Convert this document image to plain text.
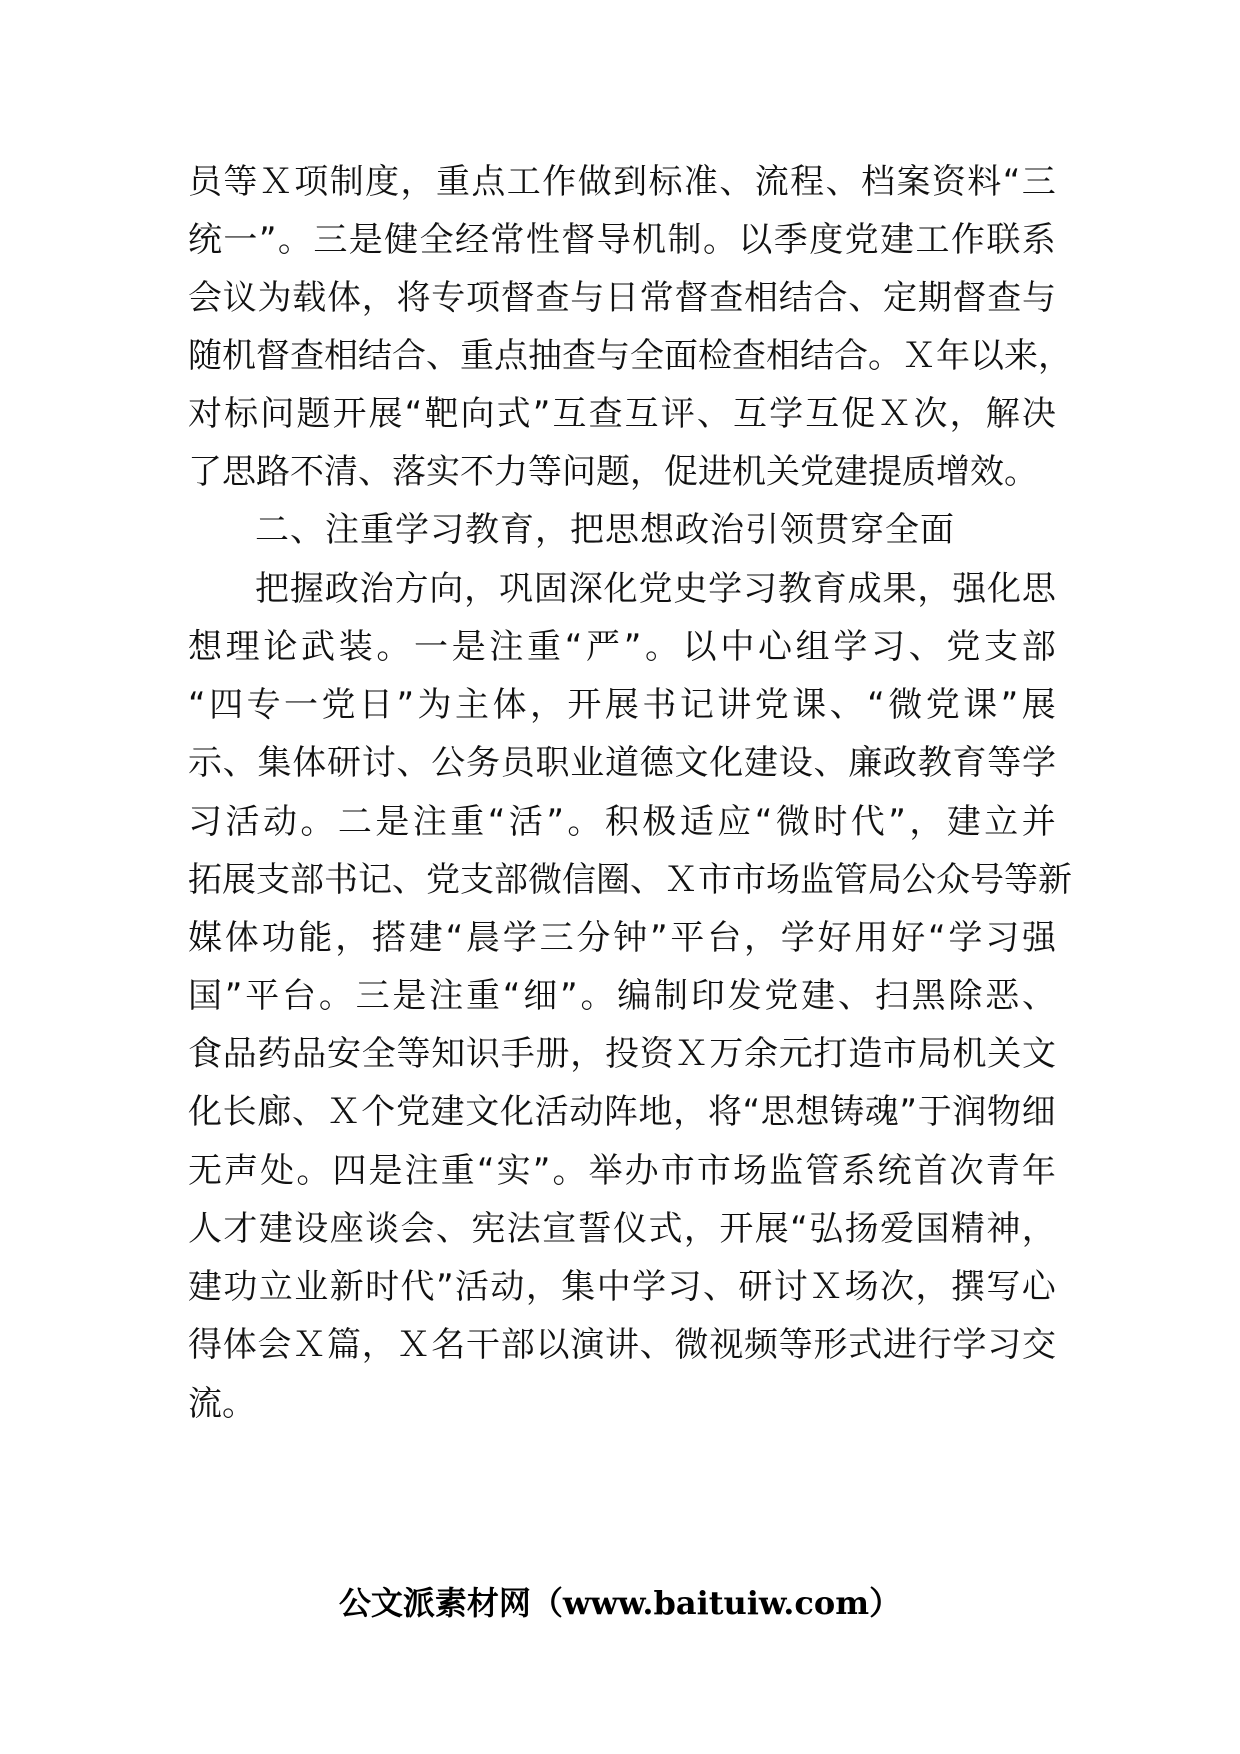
员 等 Ｘ 项 制 度 ， 重 点 工 作 做 到 标 准 、 流 程 、 档 案 资 料 “ 三
统 一 ” 。 三 是 健 全 经 常 性 督 导 机 制 。 以 季 度 党 建 工 作 联 系
会 议 为 载 体 ， 将 专 项 督 查 与 日 常 督 查 相 结 合 、 定 期 督 查 与
随 机 督 查 相 结 合 、 重 点 抽 查 与 全 面 检 查 相 结 合 。 Ｘ 年 以 来 ，
对 标 问 题 开 展 “ 靶 向 式 ” 互 查 互 评 、 互 学 互 促 Ｘ 次 ， 解 决
了思路不清、落实不力等问题，促进机关党建提质增效。
二、注重学习教育，把思想政治引领贯穿全面
把 握 政 治 方 向 ， 巩 固 深 化 党 史 学 习 教 育 成 果 ， 强 化 思
想 理 论 武 装 。 一 是 注 重 “ 严 ” 。 以 中 心 组 学 习 、 党 支 部
“ 四 专 一 党 日 ” 为 主 体 ， 开 展 书 记 讲 党 课 、 “ 微 党 课 ” 展
示 、 集 体 研 讨 、 公 务 员 职 业 道 德 文 化 建 设 、 廉 政 教 育 等 学
习 活 动 。 二 是 注 重 “ 活 ” 。 积 极 适 应 “ 微 时 代 ” ， 建 立 并
拓 展 支 部 书 记 、 党 支 部 微 信 圈 、 Ｘ 市 市 场 监 管 局 公 众 号 等 新
媒 体 功 能 ， 搭 建 “ 晨 学 三 分 钟 ” 平 台 ， 学 好 用 好 “ 学 习 强
国 ” 平 台 。 三 是 注 重 “ 细 ” 。 编 制 印 发 党 建 、 扫 黑 除 恶 、
食 品 药 品 安 全 等 知 识 手 册 ， 投 资 Ｘ 万 余 元 打 造 市 局 机 关 文
化 长 廊 、 Ｘ 个 党 建 文 化 活 动 阵 地 ， 将 “ 思 想 铸 魂 ” 于 润 物 细
无 声 处 。 四 是 注 重 “ 实 ” 。 举 办 市 市 场 监 管 系 统 首 次 青 年
人 才 建 设 座 谈 会 、 宪 法 宣 誓 仪 式 ， 开 展 “ 弘 扬 爱 国 精 神 ，
建 功 立 业 新 时 代 ” 活 动 ， 集 中 学 习 、 研 讨 Ｘ 场 次 ， 撰 写 心
得 体 会 Ｘ 篇 ， Ｘ 名 干 部 以 演 讲 、 微 视 频 等 形 式 进 行 学 习 交
流。
公文派素材网（www.baituiw.com）
